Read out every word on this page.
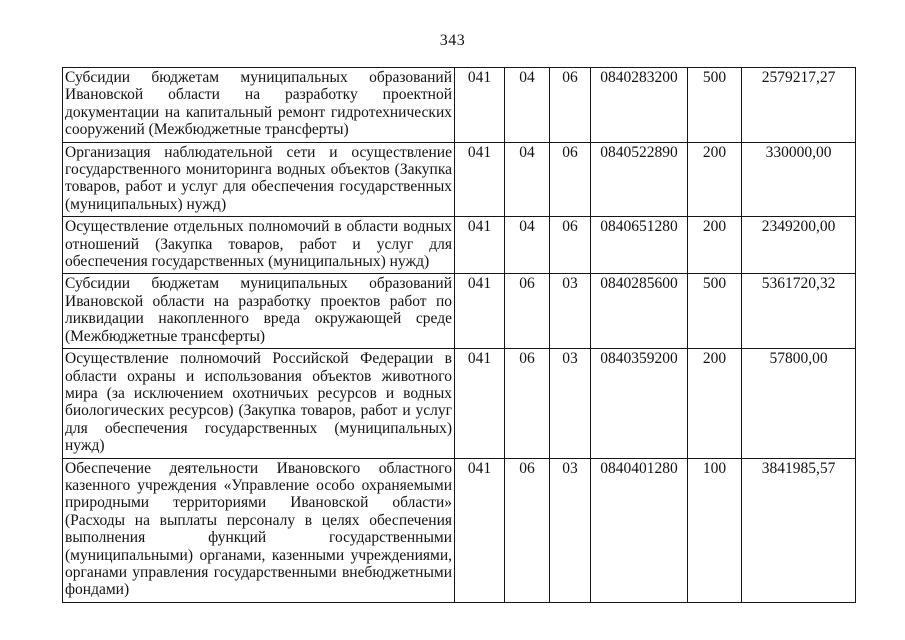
343
Субсидии бюджетам муниципальных образований Ивановской области на разработку проектной документации на капитальный ремонт гидротехнических сооружений (Межбюджетные трансферты)	041	04	06	0840283200	500	2579217,27
Организация наблюдательной сети и осуществление государственного мониторинга водных объектов (Закупка товаров, работ и услуг для обеспечения государственных (муниципальных) нужд)	041	04	06	0840522890	200	330000,00
Осуществление отдельных полномочий в области водных отношений (Закупка товаров, работ и услуг для обеспечения государственных (муниципальных) нужд)	041	04	06	0840651280	200	2349200,00
Субсидии бюджетам муниципальных образований Ивановской области на разработку проектов работ по ликвидации накопленного вреда окружающей среде (Межбюджетные трансферты)	041	06	03	0840285600	500	5361720,32
Осуществление полномочий Российской Федерации в области охраны и использования объектов животного мира (за исключением охотничьих ресурсов и водных биологических ресурсов) (Закупка товаров, работ и услуг для обеспечения государственных (муниципальных) нужд)	041	06	03	0840359200	200	57800,00
Обеспечение деятельности Ивановского областного казенного учреждения «Управление особо охраняемыми природными территориями Ивановской области» (Расходы на выплаты персоналу в целях обеспечения выполнения функций государственными (муниципальными) органами, казенными учреждениями, органами управления государственными внебюджетными фондами)	041	06	03	0840401280	100	3841985,57
